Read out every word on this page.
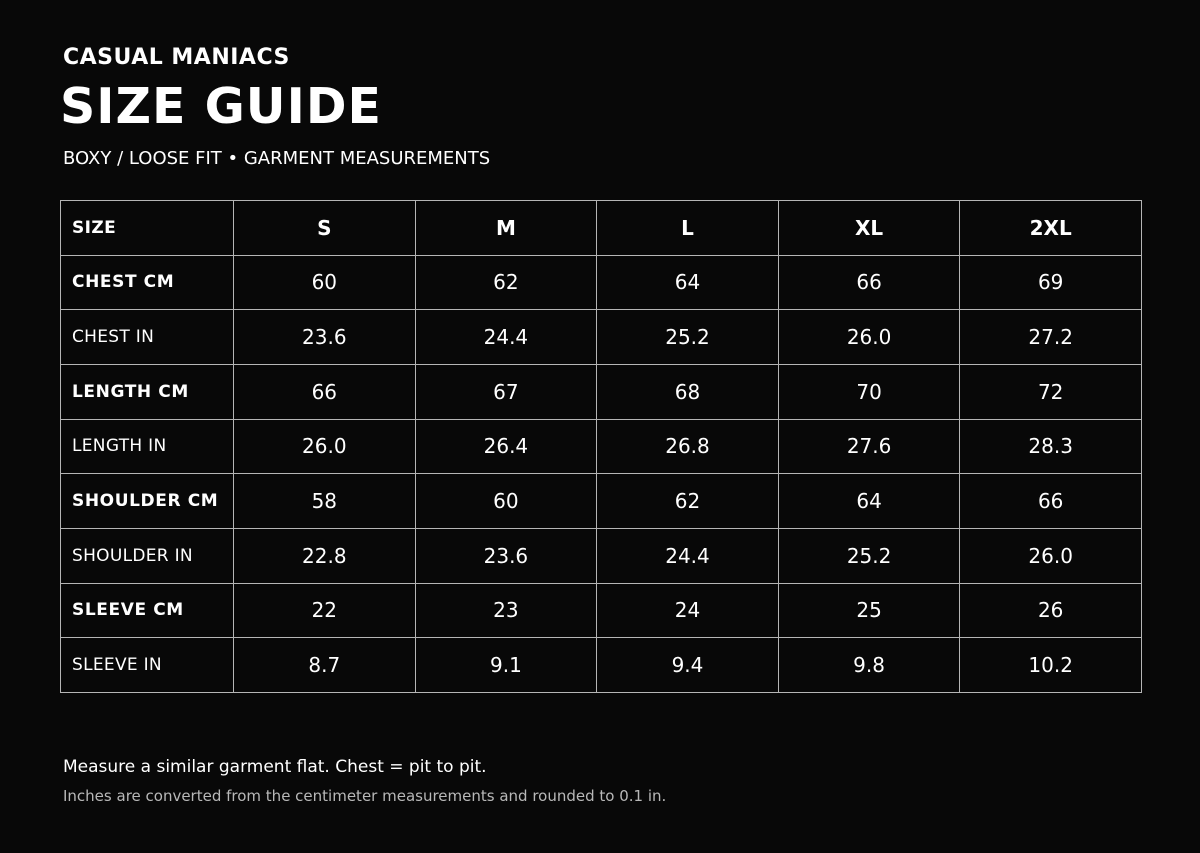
CASUAL MANIACS
SIZE GUIDE
BOXY / LOOSE FIT • GARMENT MEASUREMENTS
SIZE	S	M	L	XL	2XL
CHEST CM	60	62	64	66	69
CHEST IN	23.6	24.4	25.2	26.0	27.2
LENGTH CM	66	67	68	70	72
LENGTH IN	26.0	26.4	26.8	27.6	28.3
SHOULDER CM	58	60	62	64	66
SHOULDER IN	22.8	23.6	24.4	25.2	26.0
SLEEVE CM	22	23	24	25	26
SLEEVE IN	8.7	9.1	9.4	9.8	10.2
Measure a similar garment flat. Chest = pit to pit.
Inches are converted from the centimeter measurements and rounded to 0.1 in.
